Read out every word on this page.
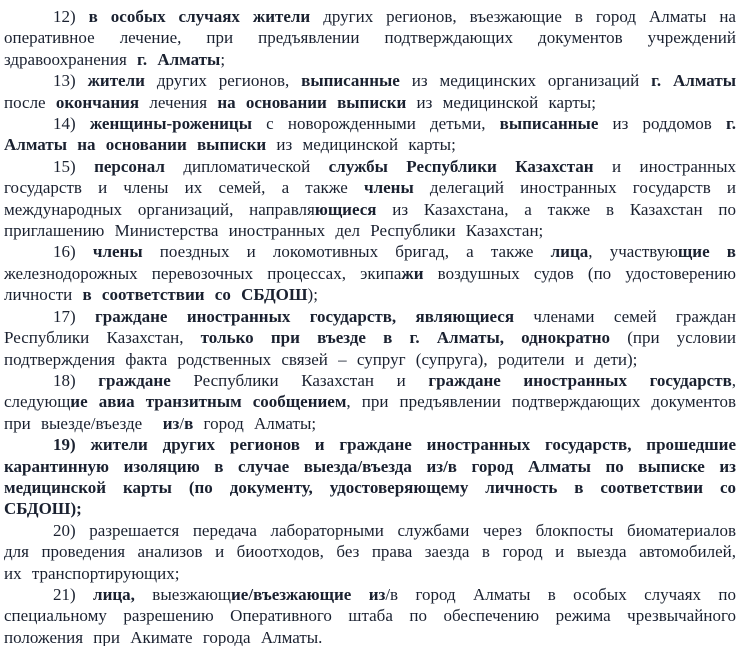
12) в особых случаях жители других регионов, въезжающие в город Алматы на оперативное лечение, при предъявлении подтверждающих документов учреждений здравоохранения г. Алматы;

13) жители других регионов, выписанные из медицинских организаций г. Алматы после окончания лечения на основании выписки из медицинской карты;

14) женщины-роженицы с новорожденными детьми, выписанные из роддомов г. Алматы на основании выписки из медицинской карты;

15) персонал дипломатической службы Республики Казахстан и иностранных государств и члены их семей, а также члены делегаций иностранных государств и международных организаций, направляющиеся из Казахстана, а также в Казахстан по приглашению Министерства иностранных дел Республики Казахстан;

16) члены поездных и локомотивных бригад, а также лица, участвующие в железнодорожных перевозочных процессах, экипажи воздушных судов (по удостоверению личности в соответствии со СБДОШ);

17) граждане иностранных государств, являющиеся членами семей граждан Республики Казахстан, только при въезде в г. Алматы, однократно (при условии подтверждения факта родственных связей – супруг (супруга), родители и дети);

18) граждане Республики Казахстан и граждане иностранных государств, следующие авиа транзитным сообщением, при предъявлении подтверждающих документов при выезде/въезде  из/в город Алматы;

19) жители других регионов и граждане иностранных государств, прошедшие карантинную изоляцию в случае выезда/въезда из/в город Алматы по выписке из медицинской карты (по документу, удостоверяющему личность в соответствии со СБДОШ);

20) разрешается передача лабораторными службами через блокпосты биоматериалов для проведения анализов и биоотходов, без права заезда в город и выезда автомобилей, их транспортирующих;

21) лица, выезжающие/въезжающие из/в город Алматы в особых случаях по специальному разрешению Оперативного штаба по обеспечению режима чрезвычайного положения при Акимате города Алматы.
